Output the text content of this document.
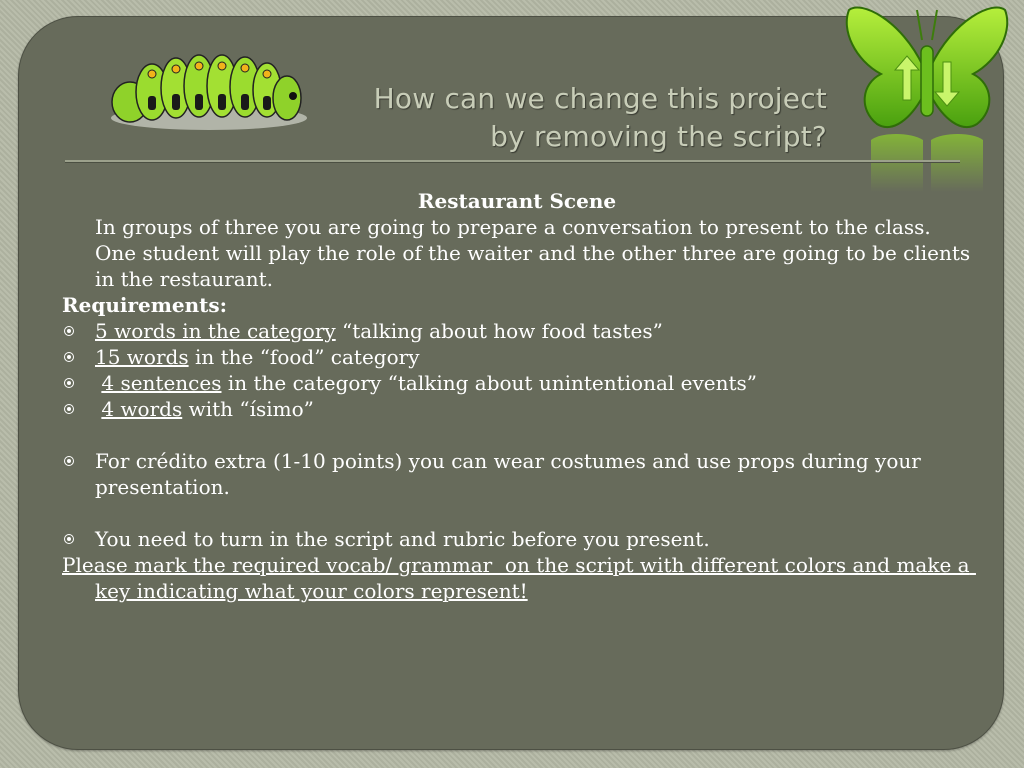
How can we change this project
by removing the script?

Restaurant Scene

In groups of three you are going to prepare a conversation to present to the class. One student will play the role of the waiter and the other three are going to be clients in the restaurant.

Requirements:

5 words in the category “talking about how food tastes”

15 words in the “food” category

4 sentences in the category “talking about unintentional events”

4 words with “ísimo”

For crédito extra (1-10 points) you can wear costumes and use props during your presentation.

You need to turn in the script and rubric before you present.

Please mark the required vocab/ grammar  on the script with different colors and make a key indicating what your colors represent!
